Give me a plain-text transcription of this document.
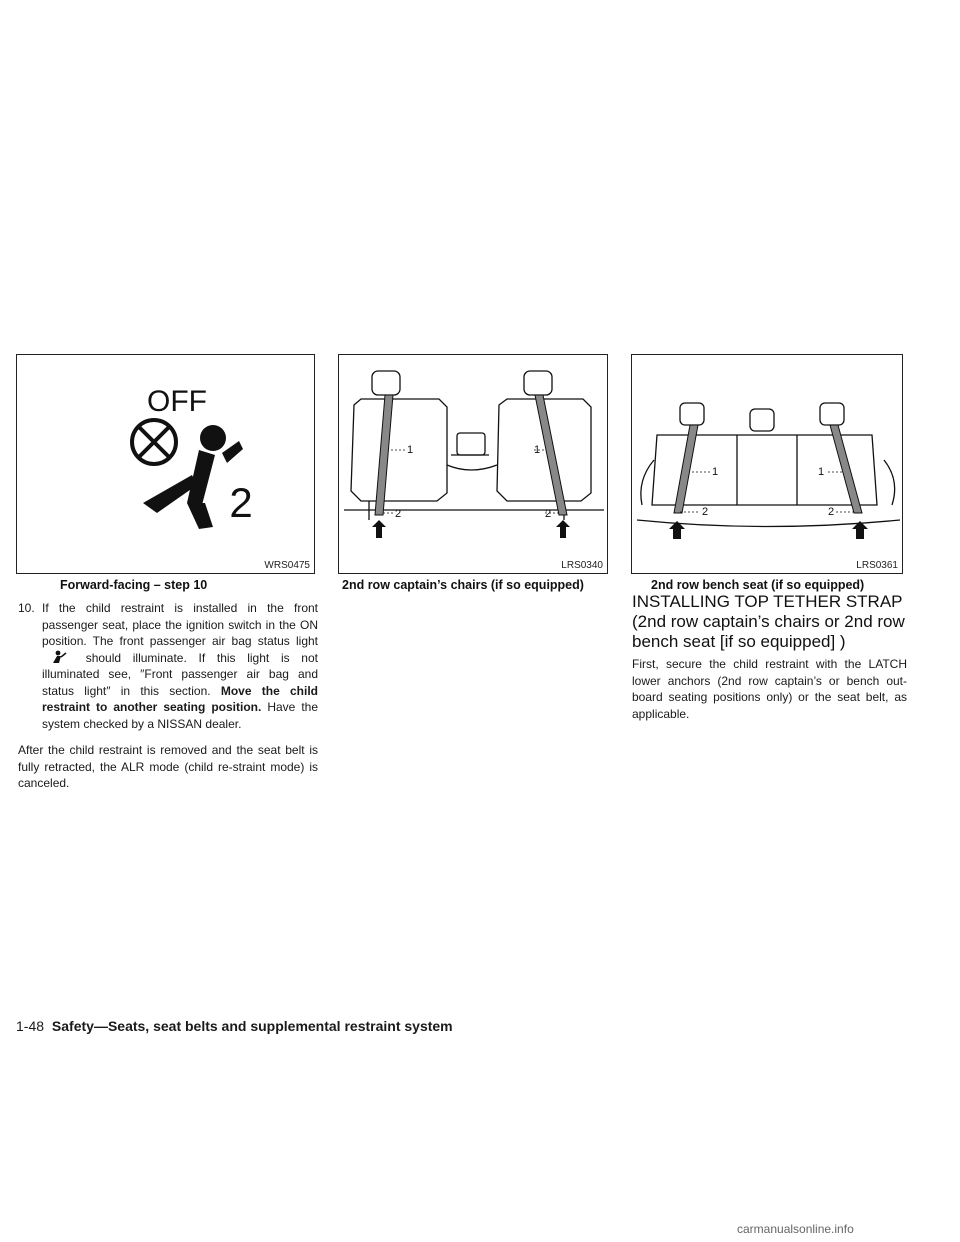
OFF
2
WRS0475
1	1
2	2
LRS0340
1	1
2	2
LRS0361
Forward-facing – step 10	2nd row captain’s chairs (if so equipped)	2nd row bench seat (if so equipped)
10. If the child restraint is installed in the front passenger seat, place the ignition switch in the ON position. The front passenger air bag status light  should illuminate. If this light is not illuminated see, ″Front passenger air bag and status light″ in this section. Move the child restraint to another seating position. Have the system checked by a NISSAN dealer.
After the child restraint is removed and the seat belt is fully retracted, the ALR mode (child re-straint mode) is canceled.
INSTALLING TOP TETHER STRAP (2nd row captain’s chairs or 2nd row bench seat [if so equipped] )
First, secure the child restraint with the LATCH lower anchors (2nd row captain’s or bench out-board seating positions only) or the seat belt, as applicable.
1-48 Safety—Seats, seat belts and supplemental restraint system
carmanualsonline.info
